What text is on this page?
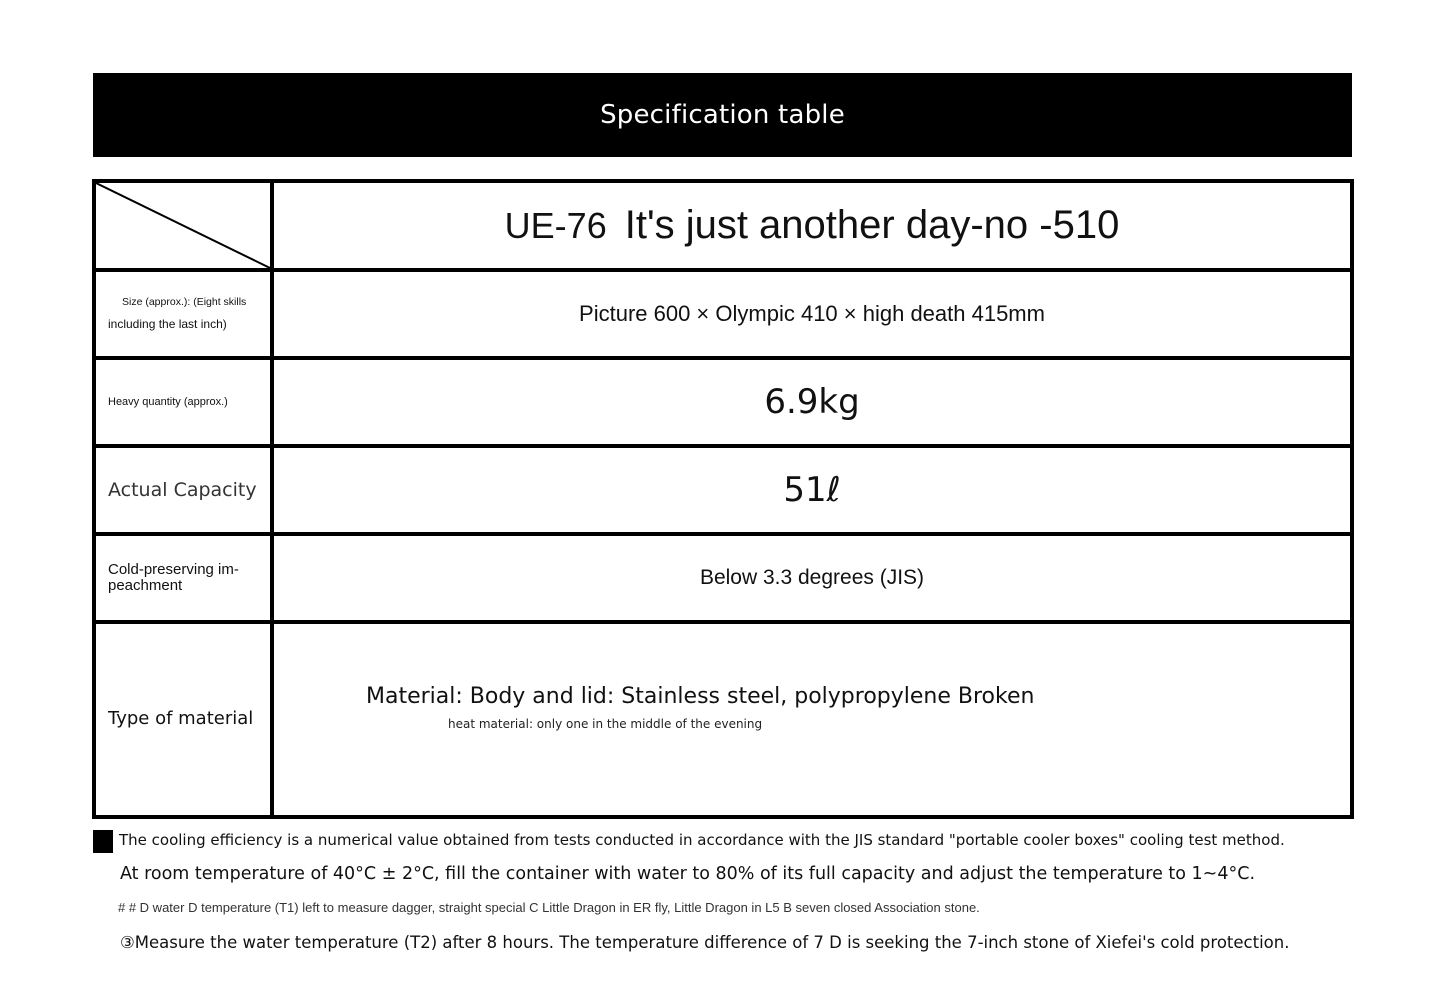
Specification table
	UE-76 It's just another day-no -510

Size (approx.): (Eight skills
including the last inch)	Picture 600 × Olympic 410 × high death 415mm
Heavy quantity (approx.)	6.9kg
Actual Capacity	51ℓ
Cold-preserving im-peachment	Below 3.3 degrees (JIS)
Type of material	Material: Body and lid: Stainless steel, polypropylene Broken
heat material: only one in the middle of the evening
The cooling efficiency is a numerical value obtained from tests conducted in accordance with the JIS standard "portable cooler boxes" cooling test method.
At room temperature of 40°C ± 2°C, fill the container with water to 80% of its full capacity and adjust the temperature to 1~4°C.
# # D water D temperature (T1) left to measure dagger, straight special C Little Dragon in ER fly, Little Dragon in L5 B seven closed Association stone.
③Measure the water temperature (T2) after 8 hours. The temperature difference of 7 D is seeking the 7-inch stone of Xiefei's cold protection.
